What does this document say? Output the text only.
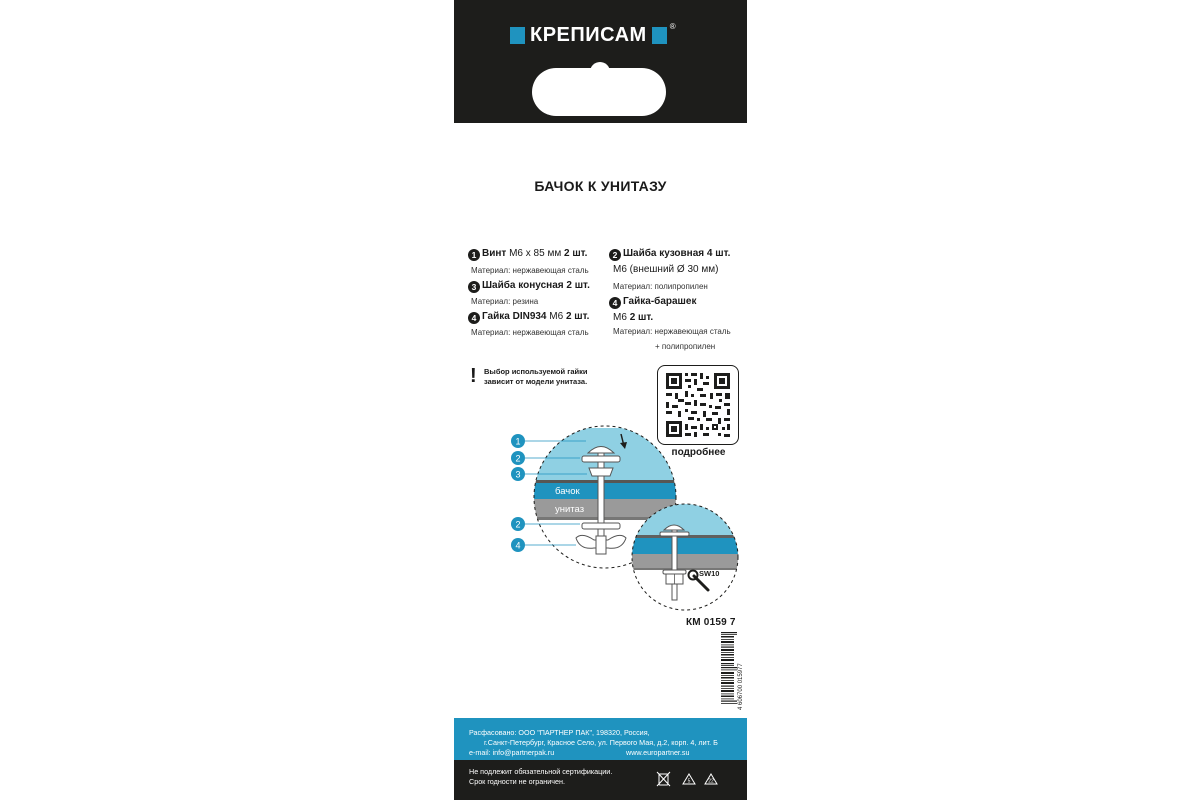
КРЕПИСАМ	®
БАЧОК К УНИТАЗУ
1 Винт M6 x 85 мм 2 шт.
Материал: нержавеющая сталь
3 Шайба конусная 2 шт.
Материал: резина
4 Гайка DIN934 M6 2 шт.
Материал: нержавеющая сталь
2 Шайба кузовная 4 шт.
M6 (внешний Ø 30 мм)
Материал: полипропилен
4 Гайка-барашек
M6 2 шт.
Материал: нержавеющая сталь
+ полипропилен
! Выбор используемой гайки зависит от модели унитаза.
подробнее
бачок
унитаз
1
2
3
2
4
SW10
КМ 0159 7
4 606700 015977
Расфасовано: ООО "ПАРТНЕР ПАК", 198320, Россия,
г.Санкт-Петербург, Красное Село, ул. Первого Мая, д.2, корп. 4, лит. Б
e-mail: info@partnerpak.ru	www.europartner.su
Не подлежит обязательной сертификации.
Срок годности не ограничен.	5	22
